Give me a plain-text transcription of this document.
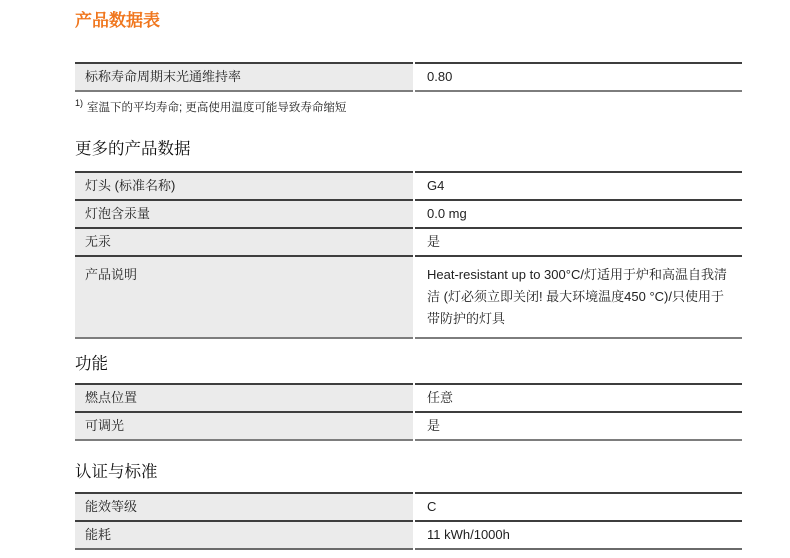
产品数据表
标称寿命周期末光通维持率	0.80
$^{1)}$ 室温下的平均寿命; 更高使用温度可能导致寿命缩短
更多的产品数据
灯头 (标准名称)	G4
灯泡含汞量	0.0 mg
无汞	是
产品说明	Heat-resistant up to 300°C/灯适用于炉和高温自我清洁 (灯必须立即关闭! 最大环境温度450 °C)/只使用于带防护的灯具
功能
燃点位置	任意
可调光	是
认证与标准
能效等级	C
能耗	11 kWh/1000h
